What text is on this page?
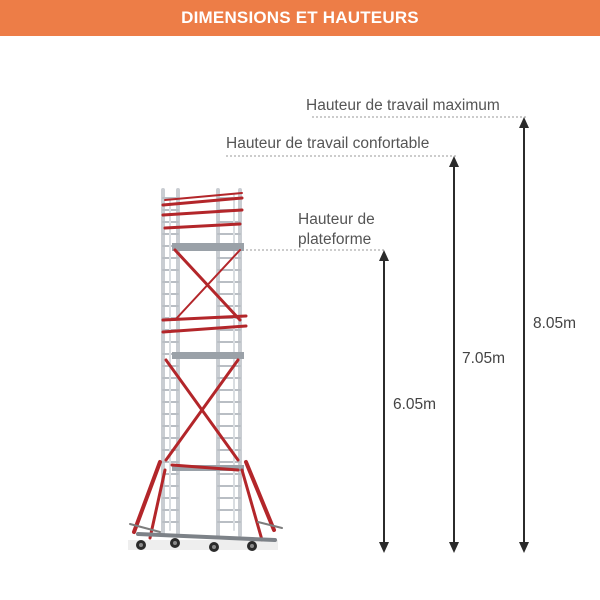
DIMENSIONS ET HAUTEURS
Hauteur de travail maximum
Hauteur de travail confortable
Hauteur de
plateforme
6.05m
7.05m
8.05m
